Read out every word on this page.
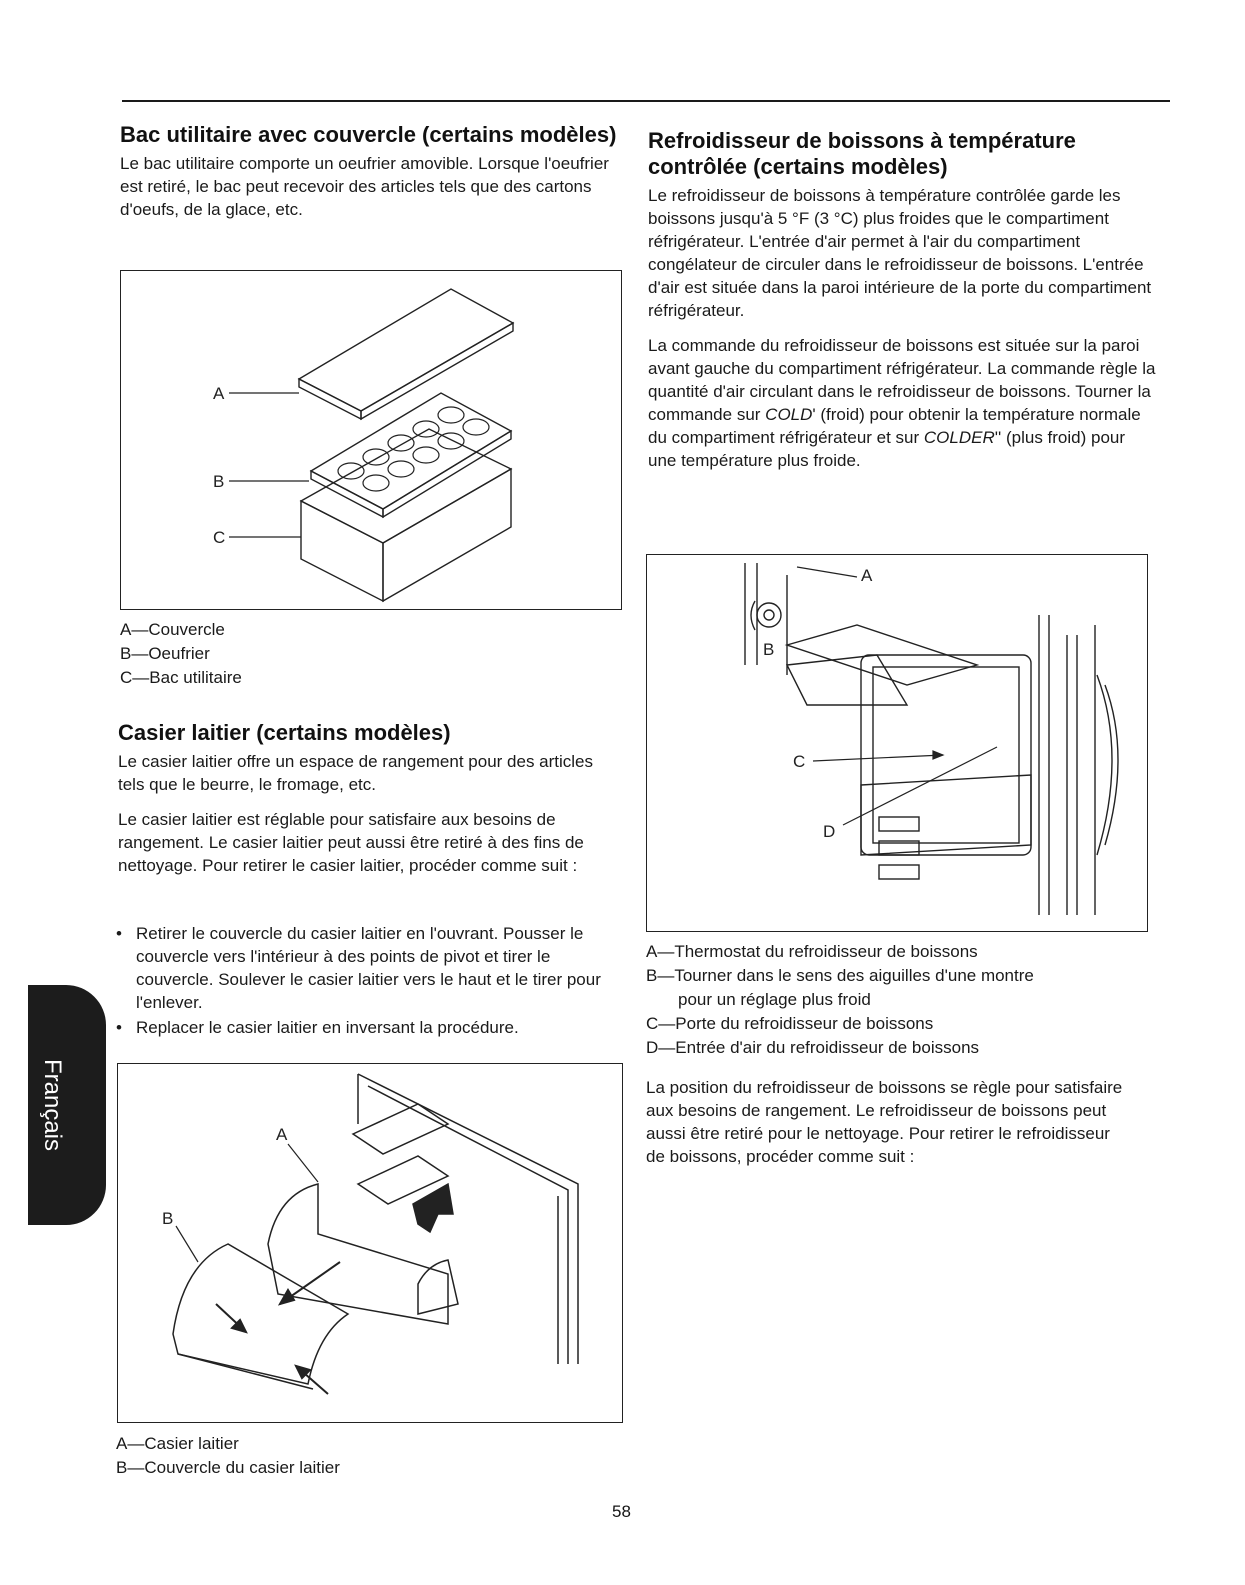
Bac utilitaire avec couvercle (certains modèles)

Le bac utilitaire comporte un oeufrier amovible. Lorsque l'oeufrier est retiré, le bac peut recevoir des articles tels que des cartons d'oeufs, de la glace, etc.

A
B
C
A—Couvercle
B—Oeufrier
C—Bac utilitaire
Casier laitier (certains modèles)

Le casier laitier offre un espace de rangement pour des articles tels que le beurre, le fromage, etc.

Le casier laitier est réglable pour satisfaire aux besoins de rangement. Le casier laitier peut aussi être retiré à des fins de nettoyage. Pour retirer le casier laitier, procéder comme suit :

• Retirer le couvercle du casier laitier en l'ouvrant. Pousser le couvercle vers l'intérieur à des points de pivot et tirer le couvercle. Soulever le casier laitier vers le haut et le tirer pour l'enlever.
• Replacer le casier laitier en inversant la procédure.
A
B
A—Casier laitier
B—Couvercle du casier laitier
Refroidisseur de boissons à température contrôlée (certains modèles)

Le refroidisseur de boissons à température contrôlée garde les boissons jusqu'à 5 °F (3 °C) plus froides que le compartiment réfrigérateur. L'entrée d'air permet à l'air du compartiment congélateur de circuler dans le refroidisseur de boissons. L'entrée d'air est située dans la paroi intérieure de la porte du compartiment réfrigérateur.

La commande du refroidisseur de boissons est située sur la paroi avant gauche du compartiment réfrigérateur. La commande règle la quantité d'air circulant dans le refroidisseur de boissons. Tourner la commande sur COLD' (froid) pour obtenir la température normale du compartiment réfrigérateur et sur COLDER'' (plus froid) pour une température plus froide.

A
B
C
D
A—Thermostat du refroidisseur de boissons
B—Tourner dans le sens des aiguilles d'une montre
pour un réglage plus froid
C—Porte du refroidisseur de boissons
D—Entrée d'air du refroidisseur de boissons

La position du refroidisseur de boissons se règle pour satisfaire aux besoins de rangement. Le refroidisseur de boissons peut aussi être retiré pour le nettoyage. Pour retirer le refroidisseur de boissons, procéder comme suit :

Français
58
